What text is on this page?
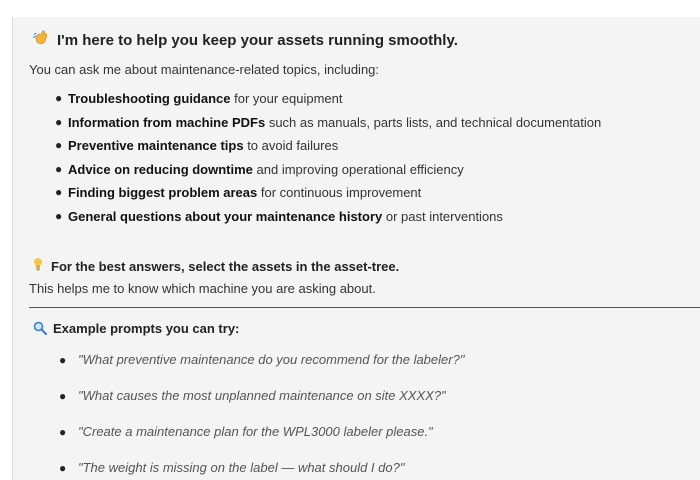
I'm here to help you keep your assets running smoothly.
You can ask me about maintenance-related topics, including:
● Troubleshooting guidance for your equipment
● Information from machine PDFs such as manuals, parts lists, and technical documentation
● Preventive maintenance tips to avoid failures
● Advice on reducing downtime and improving operational efficiency
● Finding biggest problem areas for continuous improvement
● General questions about your maintenance history or past interventions
For the best answers, select the assets in the asset-tree.
This helps me to know which machine you are asking about.
Example prompts you can try:
● "What preventive maintenance do you recommend for the labeler?"
● "What causes the most unplanned maintenance on site XXXX?"
● "Create a maintenance plan for the WPL3000 labeler please."
● "The weight is missing on the label — what should I do?"
